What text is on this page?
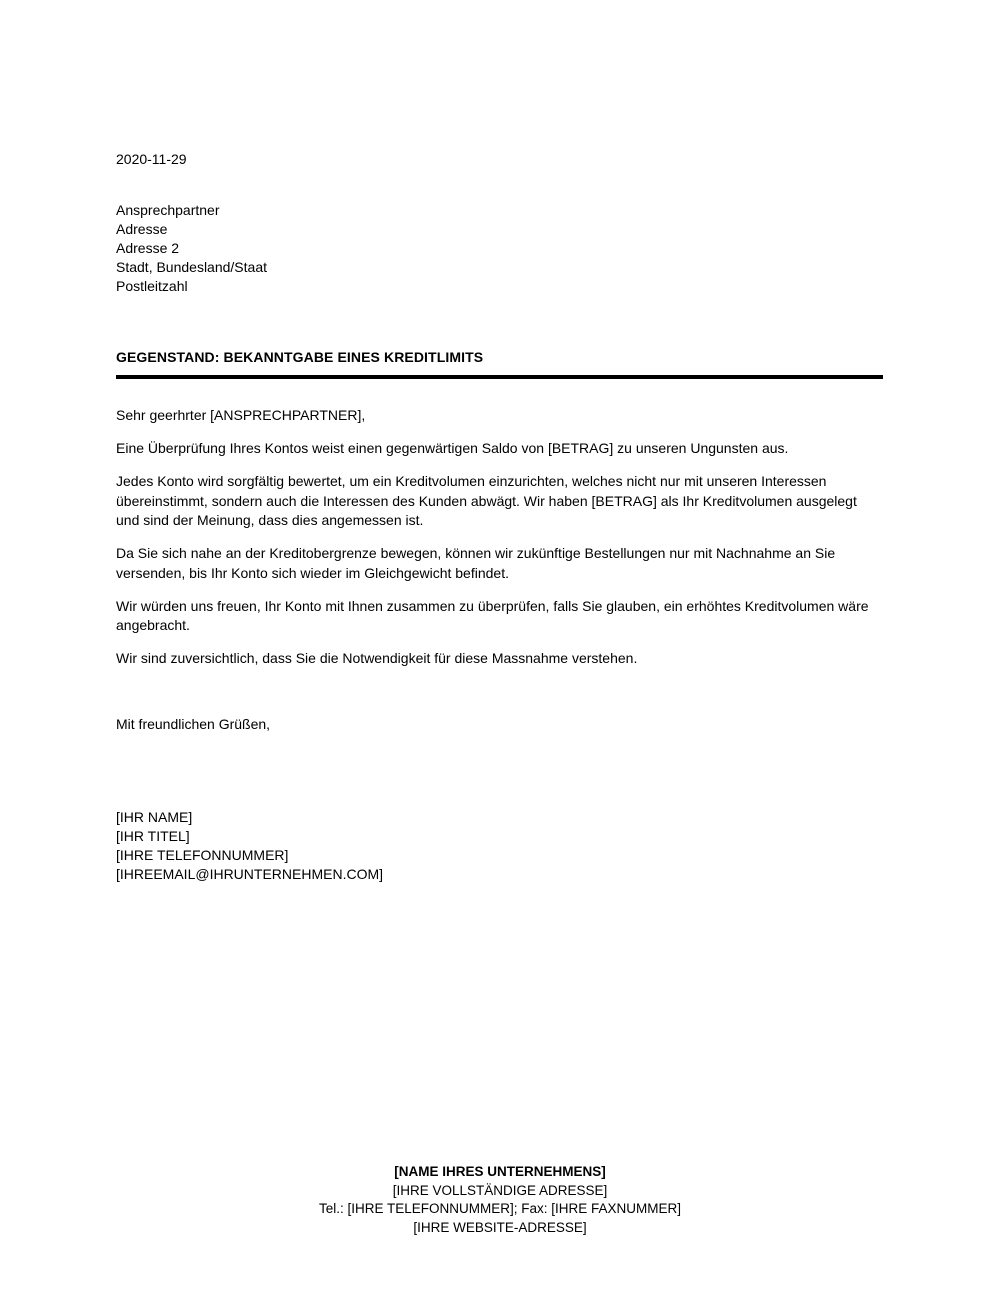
2020-11-29
Ansprechpartner
Adresse
Adresse 2
Stadt, Bundesland/Staat
Postleitzahl
GEGENSTAND: BEKANNTGABE EINES KREDITLIMITS

Sehr geerhrter [ANSPRECHPARTNER],

Eine Überprüfung Ihres Kontos weist einen gegenwärtigen Saldo von [BETRAG] zu unseren Ungunsten aus.

Jedes Konto wird sorgfältig bewertet, um ein Kreditvolumen einzurichten, welches nicht nur mit unseren Interessen übereinstimmt, sondern auch die Interessen des Kunden abwägt. Wir haben [BETRAG] als Ihr Kreditvolumen ausgelegt und sind der Meinung, dass dies angemessen ist.

Da Sie sich nahe an der Kreditobergrenze bewegen, können wir zukünftige Bestellungen nur mit Nachnahme an Sie versenden, bis Ihr Konto sich wieder im Gleichgewicht befindet.

Wir würden uns freuen, Ihr Konto mit Ihnen zusammen zu überprüfen, falls Sie glauben, ein erhöhtes Kreditvolumen wäre angebracht.

Wir sind zuversichtlich, dass Sie die Notwendigkeit für diese Massnahme verstehen.

Mit freundlichen Grüßen,

[IHR NAME]
[IHR TITEL]
[IHRE TELEFONNUMMER]
[IHREEMAIL@IHRUNTERNEHMEN.COM]
[NAME IHRES UNTERNEHMENS]
[IHRE VOLLSTÄNDIGE ADRESSE]
Tel.: [IHRE TELEFONNUMMER]; Fax: [IHRE FAXNUMMER]
[IHRE WEBSITE-ADRESSE]
